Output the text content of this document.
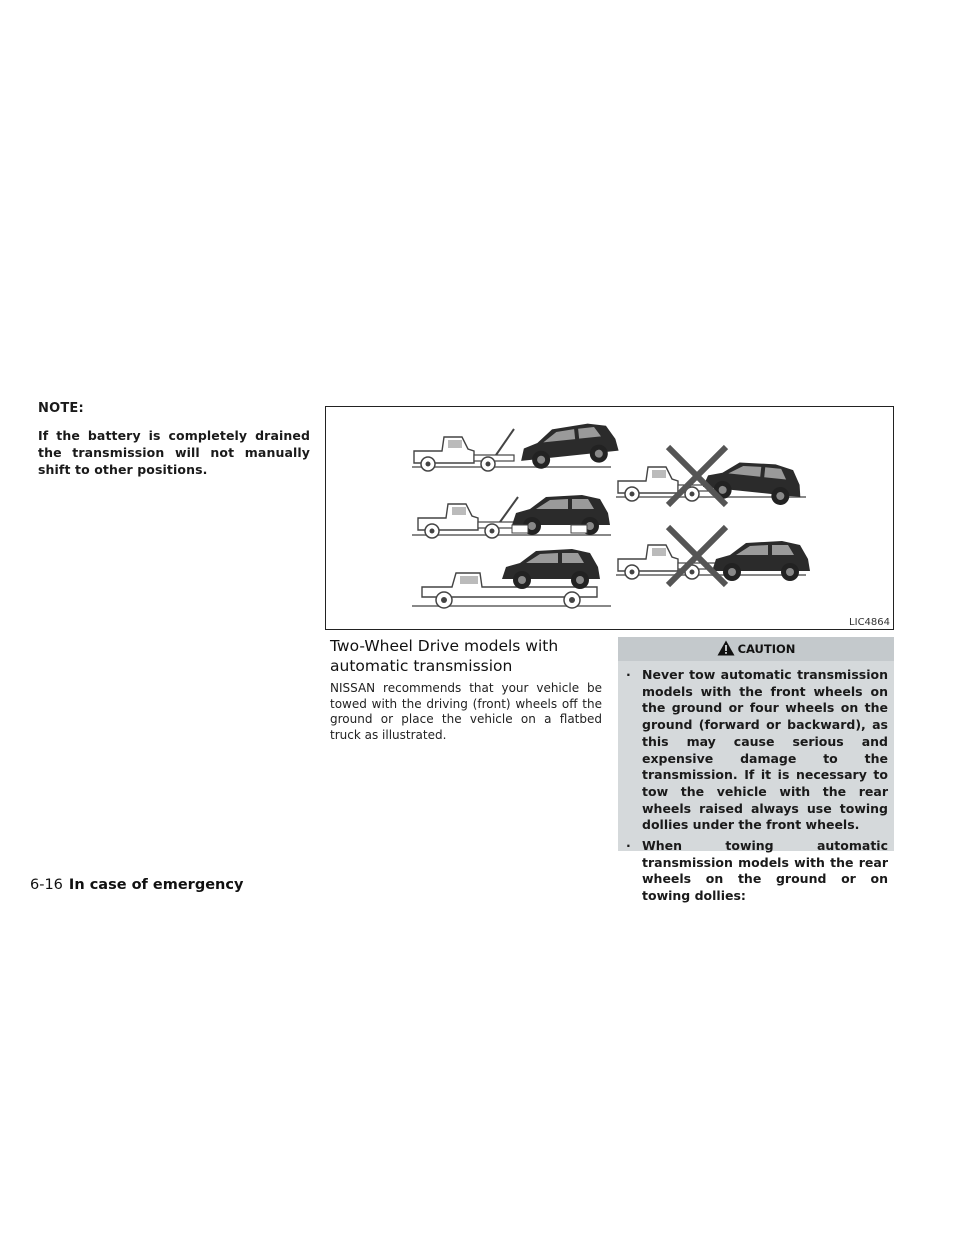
NOTE:
If the battery is completely drained the transmission will not manually shift to other positions.
LIC4864
Two-Wheel Drive models with automatic transmission
NISSAN recommends that your vehicle be towed with the driving (front) wheels off the ground or place the vehicle on a flatbed truck as illustrated.
CAUTION
· Never tow automatic transmission models with the front wheels on the ground or four wheels on the ground (forward or backward), as this may cause serious and expensive damage to the transmission. If it is necessary to tow the vehicle with the rear wheels raised always use towing dollies under the front wheels.
· When towing automatic transmission models with the rear wheels on the ground or on towing dollies:
6-16 In case of emergency
